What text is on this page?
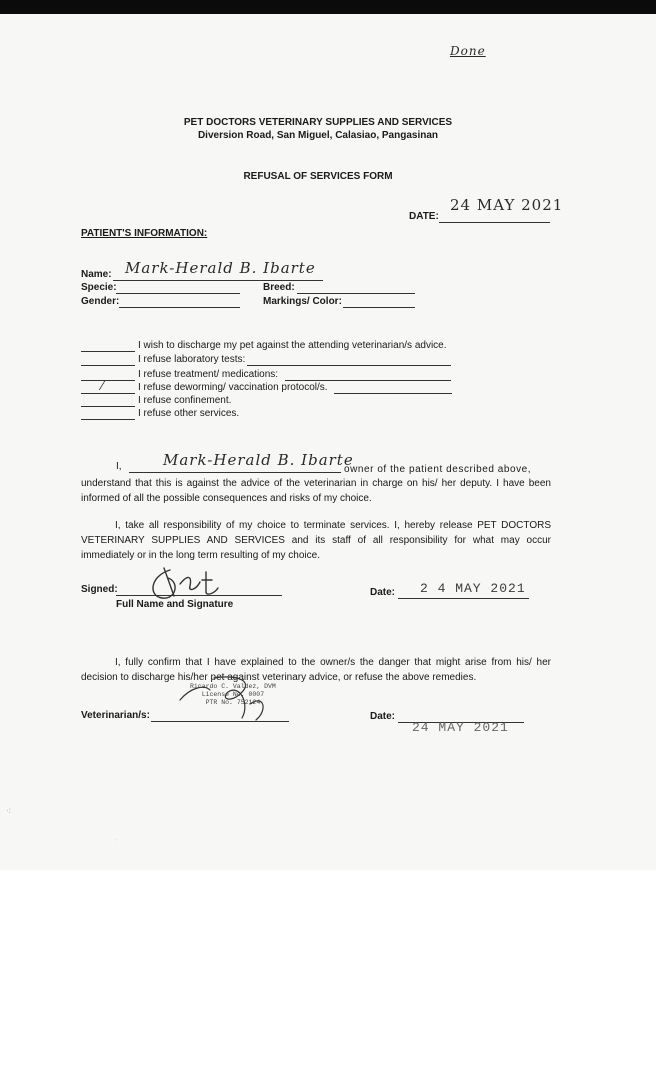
Done
PET DOCTORS VETERINARY SUPPLIES AND SERVICES
Diversion Road, San Miguel, Calasiao, Pangasinan
REFUSAL OF SERVICES FORM
DATE:
24 MAY 2021
PATIENT'S INFORMATION:
Name: Mark-Herald B. Ibarte
Specie:	Breed:
Gender:	Markings/ Color:
I wish to discharge my pet against the attending veterinarian/s advice.
I refuse laboratory tests:
I refuse treatment/ medications:
⁄	I refuse deworming/ vaccination protocol/s.
I refuse confinement.
I refuse other services.
I,	Mark-Herald B. Ibarte
owner of the patient described above,
understand that this is against the advice of the veterinarian in charge on his/ her deputy. I have been informed of all the possible consequences and risks of my choice.
I, take all responsibility of my choice to terminate services. I, hereby release PET DOCTORS VETERINARY SUPPLIES AND SERVICES and its staff of all responsibility for what may occur immediately or in the long term resulting of my choice.
Signed:
Full Name and Signature
Date: 2 4 MAY 2021
I, fully confirm that I have explained to the owner/s the danger that might arise from his/ her decision to discharge his/her pet against veterinary advice, or refuse the above remedies.
Ricardo C. Valdez, DVM
License No. 0007
PTR No. 752124
Veterinarian/s:	Date:
24 MAY 2021
⁖
˒
